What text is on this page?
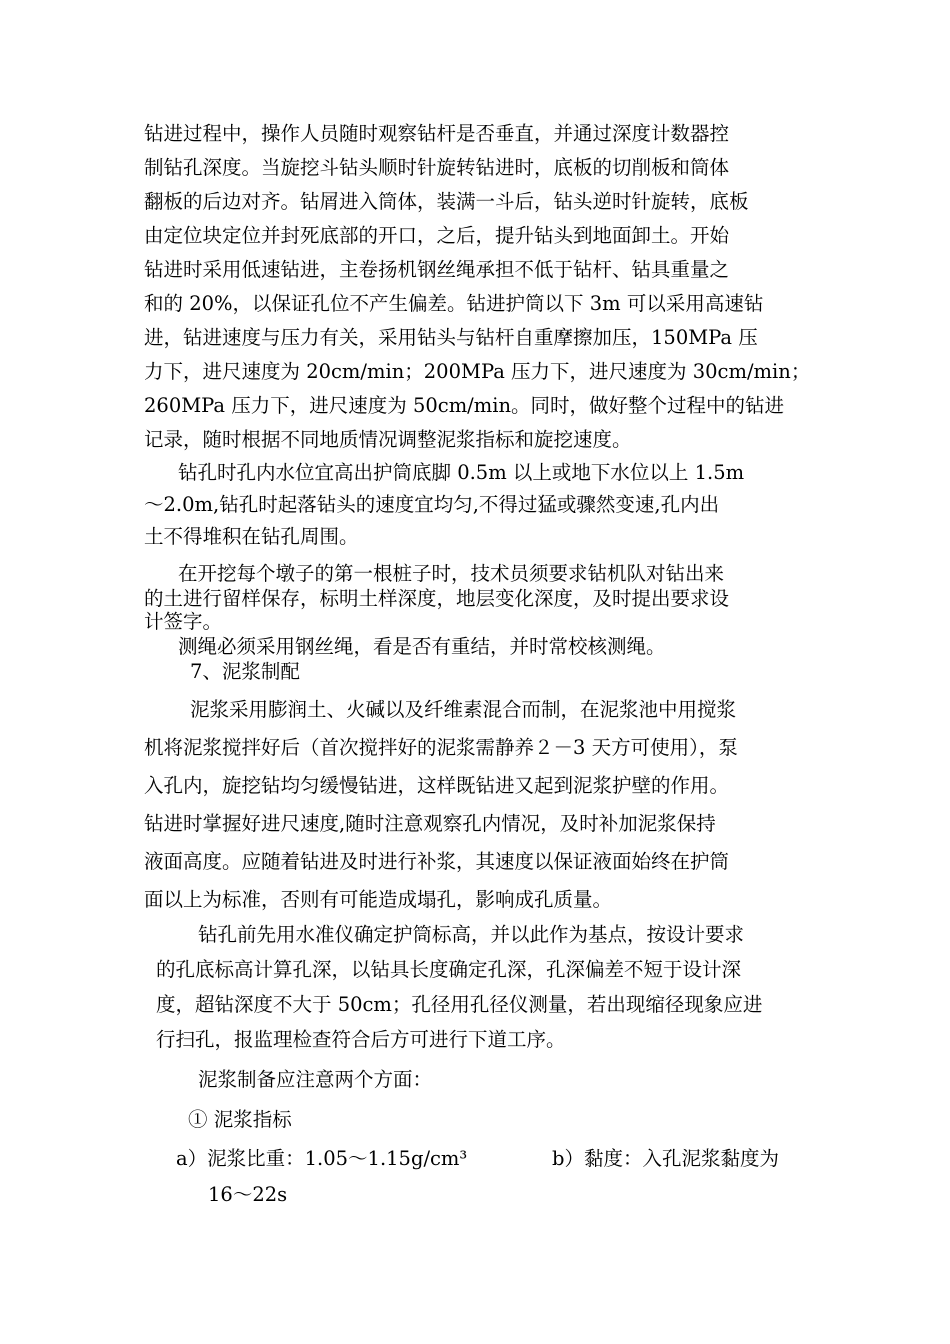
钻进过程中，操作人员随时观察钻杆是否垂直，并通过深度计数器控
制钻孔深度。当旋挖斗钻头顺时针旋转钻进时，底板的切削板和筒体
翻板的后边对齐。钻屑进入筒体，装满一斗后，钻头逆时针旋转，底板
由定位块定位并封死底部的开口，之后，提升钻头到地面卸土。开始
钻进时采用低速钻进，主卷扬机钢丝绳承担不低于钻杆、钻具重量之
和的 20%，以保证孔位不产生偏差。钻进护筒以下 3m 可以采用高速钻
进，钻进速度与压力有关，采用钻头与钻杆自重摩擦加压，150MPa 压
力下，进尺速度为 20cm/min；200MPa 压力下，进尺速度为 30cm/min；
260MPa 压力下，进尺速度为 50cm/min。同时，做好整个过程中的钻进
记录，随时根据不同地质情况调整泥浆指标和旋挖速度。
钻孔时孔内水位宜高出护筒底脚 0.5m 以上或地下水位以上 1.5m
～2.0m,钻孔时起落钻头的速度宜均匀,不得过猛或骤然变速,孔内出
土不得堆积在钻孔周围。
在开挖每个墩子的第一根桩子时，技术员须要求钻机队对钻出来
的土进行留样保存，标明土样深度，地层变化深度，及时提出要求设
计签字。
测绳必须采用钢丝绳，看是否有重结，并时常校核测绳。
7、泥浆制配
泥浆采用膨润土、火碱以及纤维素混合而制，在泥浆池中用搅浆
机将泥浆搅拌好后（首次搅拌好的泥浆需静养２－3 天方可使用），泵
入孔内，旋挖钻均匀缓慢钻进，这样既钻进又起到泥浆护壁的作用。
钻进时掌握好进尺速度,随时注意观察孔内情况，及时补加泥浆保持
液面高度。应随着钻进及时进行补浆，其速度以保证液面始终在护筒
面以上为标准，否则有可能造成塌孔，影响成孔质量。
钻孔前先用水准仪确定护筒标高，并以此作为基点，按设计要求
的孔底标高计算孔深，以钻具长度确定孔深，孔深偏差不短于设计深
度，超钻深度不大于 50cm；孔径用孔径仪测量，若出现缩径现象应进
行扫孔，报监理检查符合后方可进行下道工序。
泥浆制备应注意两个方面：
① 泥浆指标
a）泥浆比重：1.05～1.15g/cm³	b）黏度：入孔泥浆黏度为
16～22s
